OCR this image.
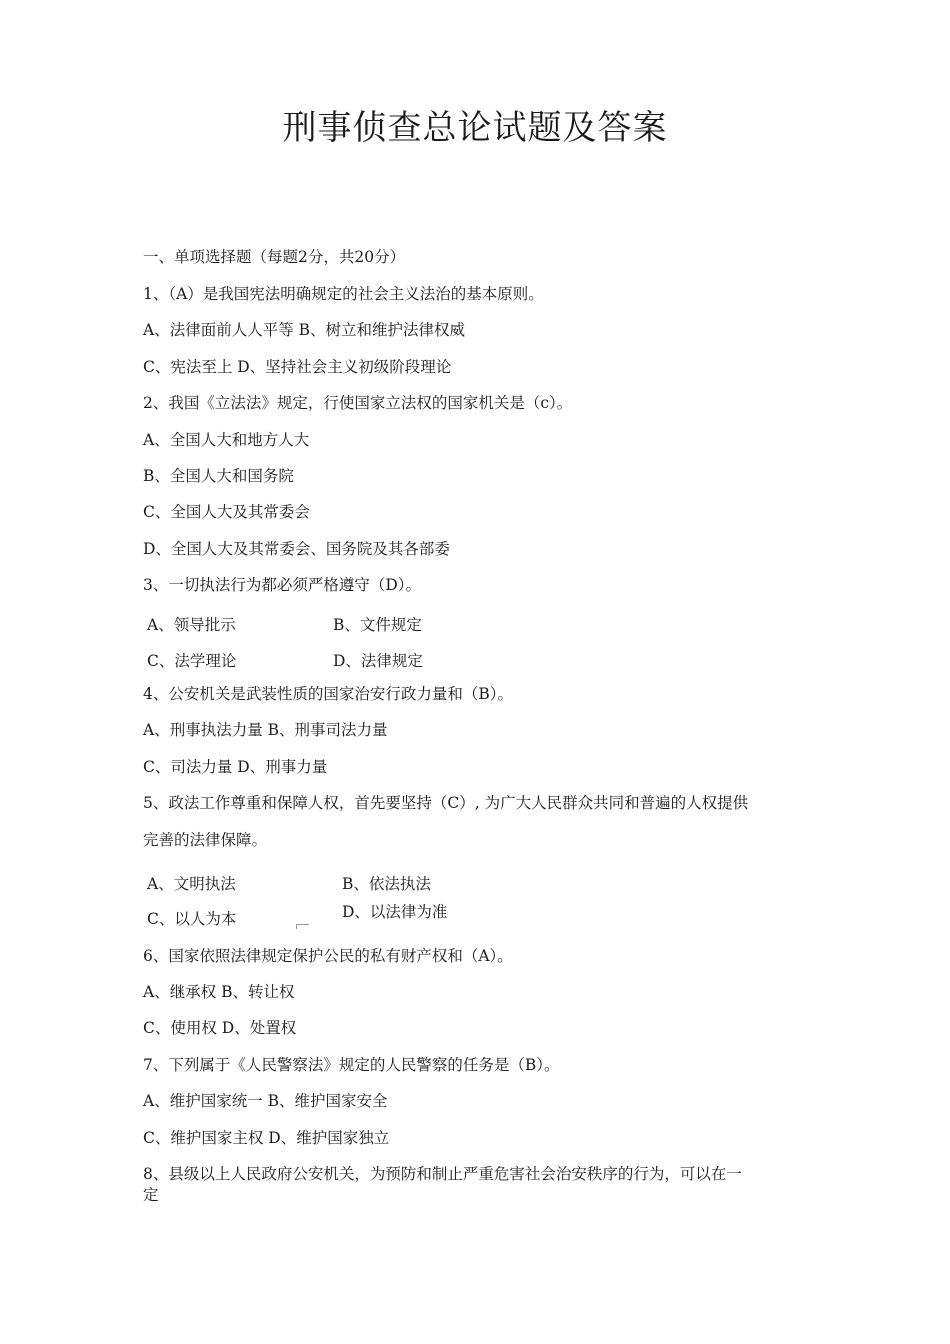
刑事侦查总论试题及答案
一、单项选择题（每题2分，共20分）
1、（A）是我国宪法明确规定的社会主义法治的基本原则。
A、法律面前人人平等 B、树立和维护法律权威
C、宪法至上 D、坚持社会主义初级阶段理论
2、我国《立法法》规定，行使国家立法权的国家机关是（c）。
A、全国人大和地方人大
B、全国人大和国务院
C、全国人大及其常委会
D、全国人大及其常委会、国务院及其各部委
3、一切执法行为都必须严格遵守（D）。
A、领导批示	B、文件规定
C、法学理论	D、法律规定
4、公安机关是武装性质的国家治安行政力量和（B）。
A、刑事执法力量 B、刑事司法力量
C、司法力量 D、刑事力量
5、政法工作尊重和保障人权，首先要坚持（C）, 为广大人民群众共同和普遍的人权提供
完善的法律保障。
A、文明执法	B、依法执法
C、以人为本	D、以法律为准
6、国家依照法律规定保护公民的私有财产权和（A）。
A、继承权 B、转让权
C、使用权 D、处置权
7、下列属于《人民警察法》规定的人民警察的任务是（B）。
A、维护国家统一 B、维护国家安全
C、维护国家主权 D、维护国家独立
8、县级以上人民政府公安机关，为预防和制止严重危害社会治安秩序的行为，可以在一
定
